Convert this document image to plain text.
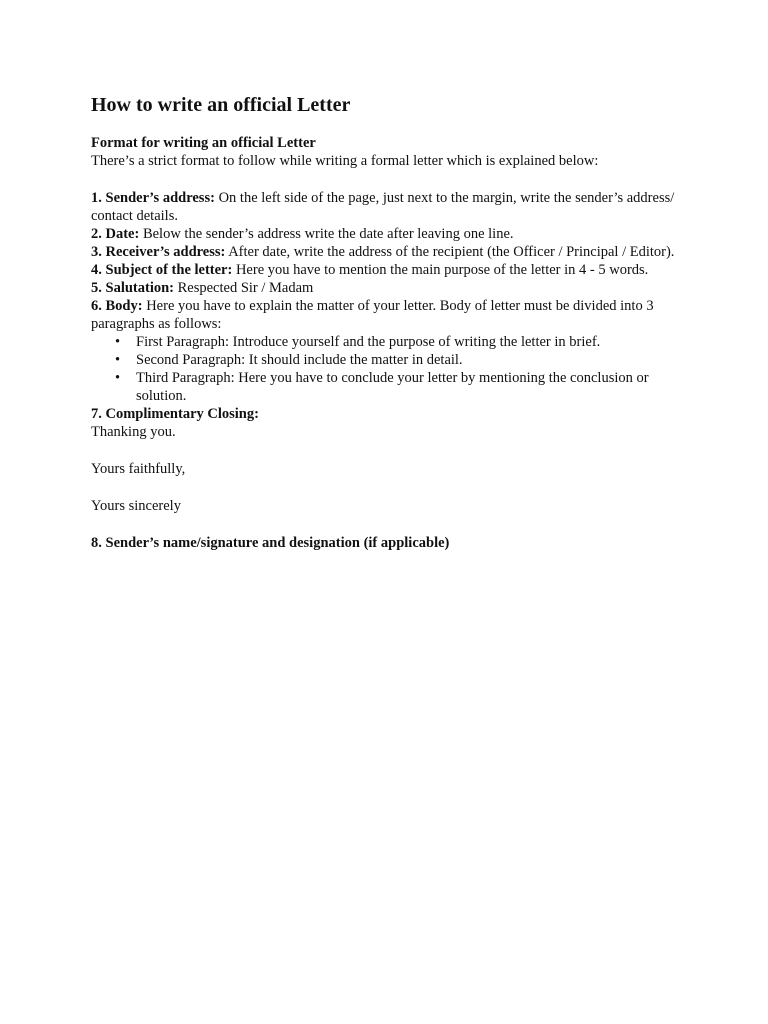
How to write an official Letter
Format for writing an official Letter
There’s a strict format to follow while writing a formal letter which is explained below:
1. Sender’s address: On the left side of the page, just next to the margin, write the sender’s address/ contact details.
2. Date: Below the sender’s address write the date after leaving one line.
3. Receiver’s address: After date, write the address of the recipient (the Officer / Principal / Editor).
4. Subject of the letter: Here you have to mention the main purpose of the letter in 4 - 5 words.
5. Salutation: Respected Sir / Madam
6. Body: Here you have to explain the matter of your letter. Body of letter must be divided into 3 paragraphs as follows:
• First Paragraph: Introduce yourself and the purpose of writing the letter in brief.
• Second Paragraph: It should include the matter in detail.
• Third Paragraph: Here you have to conclude your letter by mentioning the conclusion or solution.
7. Complimentary Closing:
Thanking you.
Yours faithfully,
Yours sincerely
8. Sender’s name/signature and designation (if applicable)
